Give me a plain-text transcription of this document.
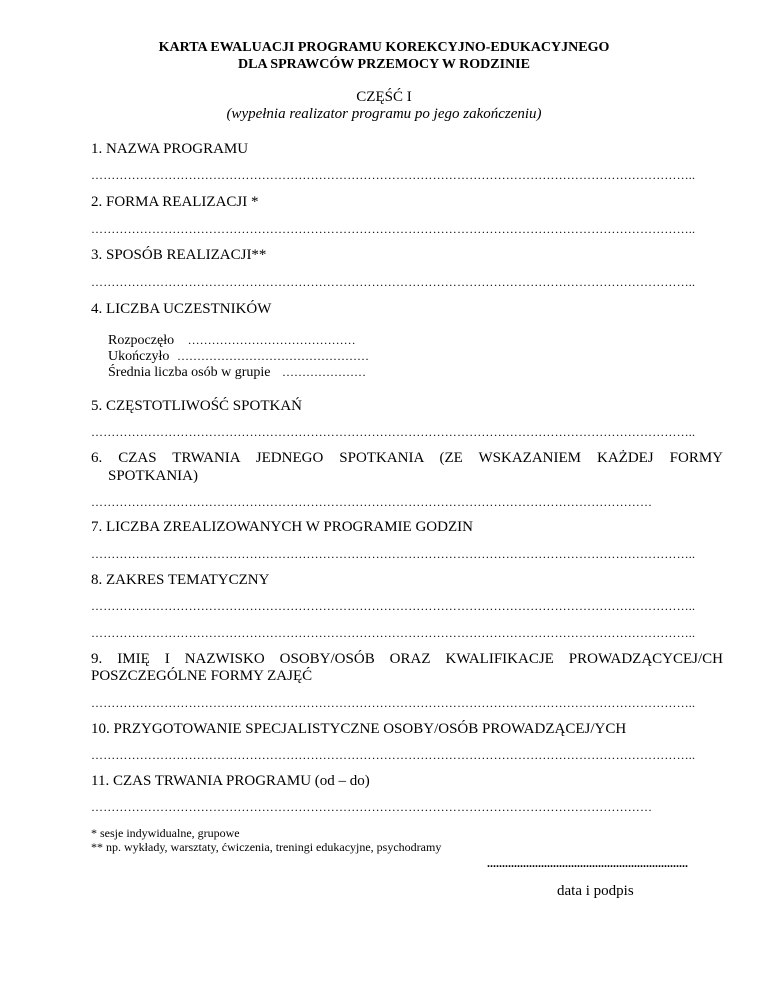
KARTA EWALUACJI PROGRAMU KOREKCYJNO-EDUKACYJNEGO
DLA SPRAWCÓW PRZEMOCY W RODZINIE
CZĘŚĆ I
(wypełnia realizator programu po jego zakończeniu)
1. NAZWA PROGRAMU
…………………………………………………………………………………………………………………………………..
2. FORMA REALIZACJI *
…………………………………………………………………………………………………………………………………..
3. SPOSÓB REALIZACJI**
…………………………………………………………………………………………………………………………………..
4. LICZBA UCZESTNIKÓW
Rozpoczęło ……………………………………
Ukończyło …………………………………………
Średnia liczba osób w grupie …………………
5. CZĘSTOTLIWOŚĆ SPOTKAŃ
…………………………………………………………………………………………………………………………………..
6. CZAS TRWANIA JEDNEGO SPOTKANIA (ZE WSKAZANIEM KAŻDEJ FORMY
SPOTKANIA)
…………………………………………………………………………………………………………………………
7. LICZBA ZREALIZOWANYCH W PROGRAMIE GODZIN
…………………………………………………………………………………………………………………………………..
8. ZAKRES TEMATYCZNY
…………………………………………………………………………………………………………………………………..
…………………………………………………………………………………………………………………………………..
9. IMIĘ I NAZWISKO OSOBY/OSÓB ORAZ KWALIFIKACJE PROWADZĄCYCEJ/CH
POSZCZEGÓLNE FORMY ZAJĘĆ
…………………………………………………………………………………………………………………………………..
10. PRZYGOTOWANIE SPECJALISTYCZNE OSOBY/OSÓB PROWADZĄCEJ/YCH
…………………………………………………………………………………………………………………………………..
11. CZAS TRWANIA PROGRAMU (od – do)
…………………………………………………………………………………………………………………………
* sesje indywidualne, grupowe
** np. wykłady, warsztaty, ćwiczenia, treningi edukacyjne, psychodramy
...................................................................
data i podpis
